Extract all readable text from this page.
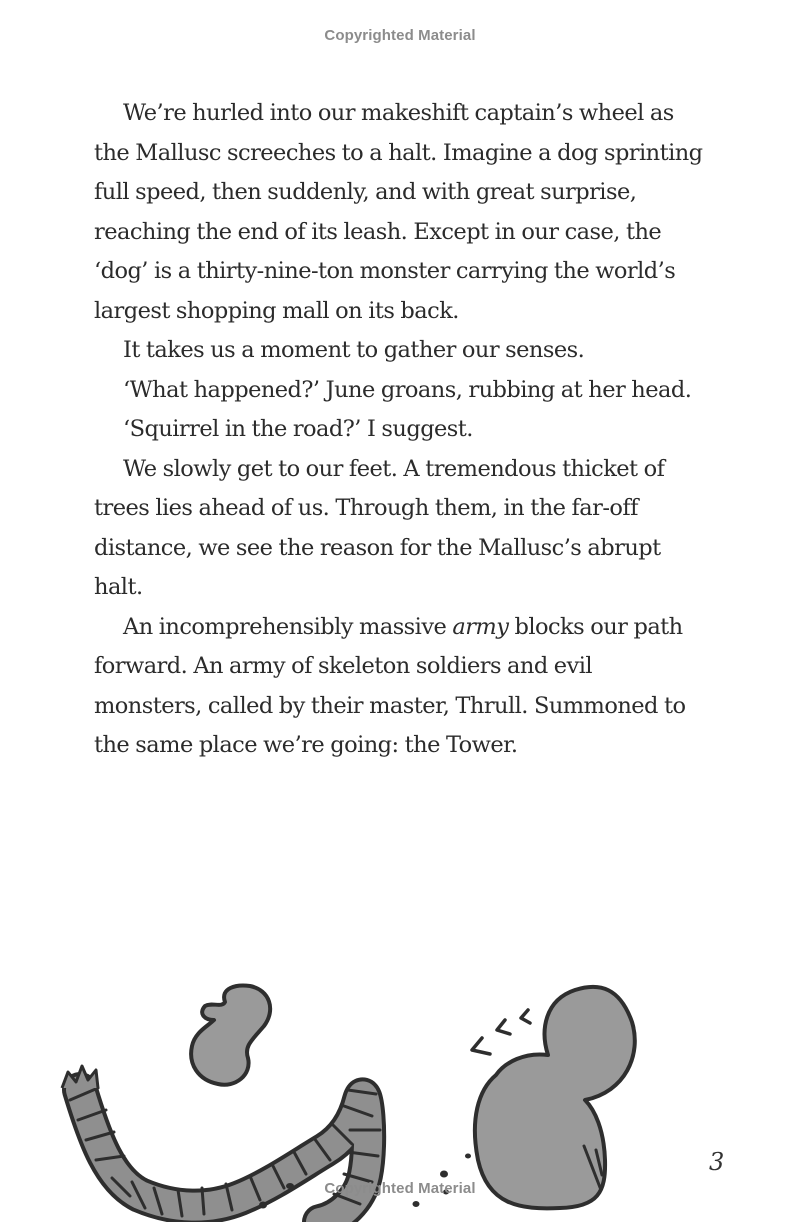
Copyrighted Material

We’re hurled into our makeshift captain’s wheel as the Mallusc screeches to a halt. Imagine a dog sprinting full speed, then suddenly, and with great surprise, reaching the end of its leash. Except in our case, the ‘dog’ is a thirty-nine-ton monster carrying the world’s largest shopping mall on its back.

It takes us a moment to gather our senses.

‘What happened?’ June groans, rubbing at her head.

‘Squirrel in the road?’ I suggest.

We slowly get to our feet. A tremendous thicket of trees lies ahead of us. Through them, in the far-off distance, we see the reason for the Mallusc’s abrupt halt.

An incomprehensibly massive army blocks our path forward. An army of skeleton soldiers and evil monsters, called by their master, Thrull. Summoned to the same place we’re going: the Tower.

3
Copyrighted Material
